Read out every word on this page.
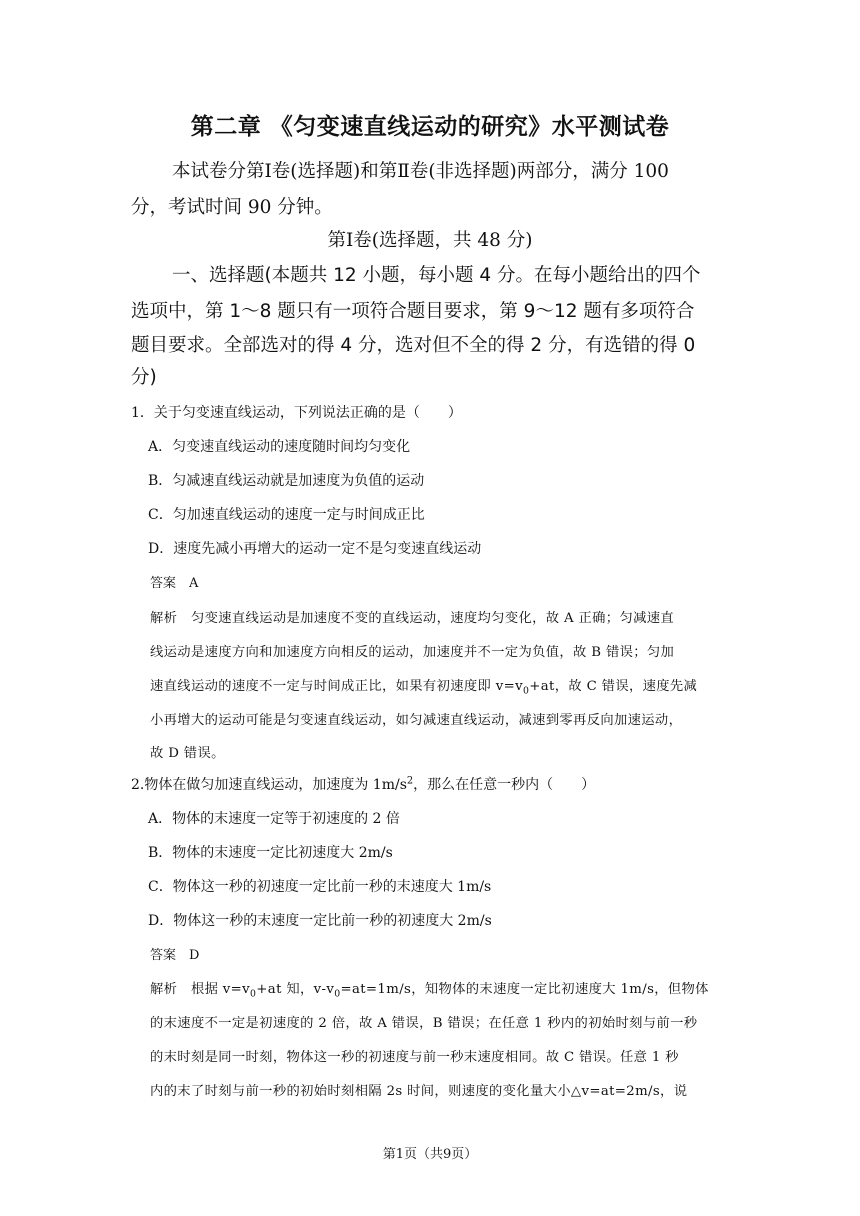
第二章 《匀变速直线运动的研究》水平测试卷
本试卷分第Ⅰ卷(选择题)和第Ⅱ卷(非选择题)两部分，满分 100
分，考试时间 90 分钟。
第Ⅰ卷(选择题，共 48 分)
一、选择题(本题共 12 小题，每小题 4 分。在每小题给出的四个
选项中，第 1～8 题只有一项符合题目要求，第 9～12 题有多项符合
题目要求。全部选对的得 4 分，选对但不全的得 2 分，有选错的得 0
分)
1．关于匀变速直线运动，下列说法正确的是（　　）
A．匀变速直线运动的速度随时间均匀变化
B．匀减速直线运动就是加速度为负值的运动
C．匀加速直线运动的速度一定与时间成正比
D．速度先减小再增大的运动一定不是匀变速直线运动
答案　A
解析　匀变速直线运动是加速度不变的直线运动，速度均匀变化，故 A 正确；匀减速直
线运动是速度方向和加速度方向相反的运动，加速度并不一定为负值，故 B 错误；匀加
速直线运动的速度不一定与时间成正比，如果有初速度即 $v=v_0+at$，故 C 错误，速度先减
小再增大的运动可能是匀变速直线运动，如匀减速直线运动，减速到零再反向加速运动，
故 D 错误。
2.物体在做匀加速直线运动，加速度为 $1m/s^2$，那么在任意一秒内（　　）
A．物体的末速度一定等于初速度的 2 倍
B．物体的末速度一定比初速度大 2m/s
C．物体这一秒的初速度一定比前一秒的末速度大 1m/s
D．物体这一秒的末速度一定比前一秒的初速度大 2m/s
答案　D
解析　根据 $v=v_0+at$ 知，$v-v_0=at=1m/s$，知物体的末速度一定比初速度大 1m/s，但物体
的末速度不一定是初速度的 2 倍，故 A 错误，B 错误；在任意 1 秒内的初始时刻与前一秒
的末时刻是同一时刻，物体这一秒的初速度与前一秒末速度相同。故 C 错误。任意 1 秒
内的末了时刻与前一秒的初始时刻相隔 2s 时间，则速度的变化量大小△v=at=2m/s，说
第1页（共9页）
